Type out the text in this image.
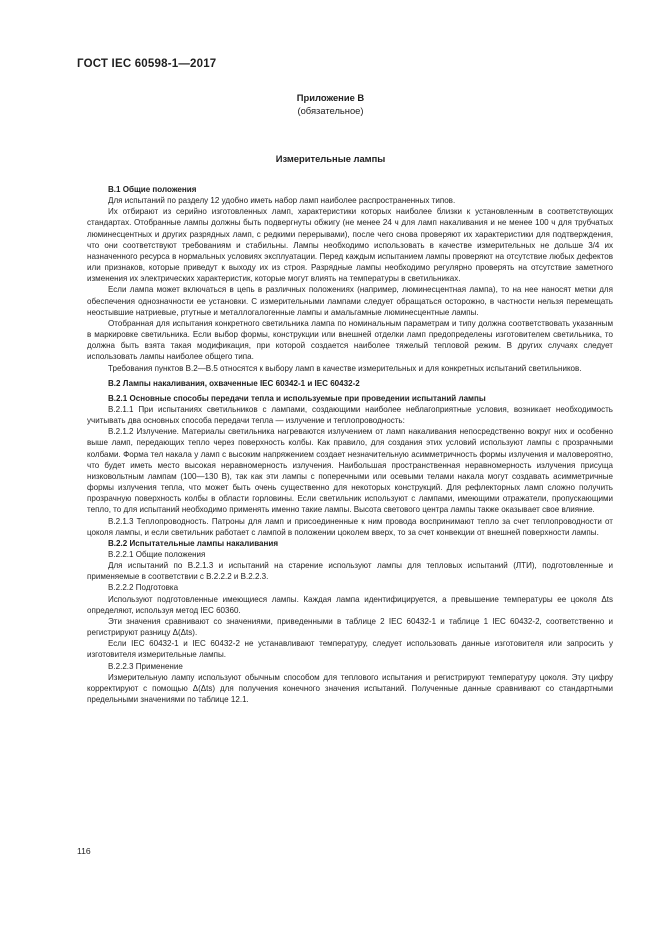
ГОСТ IEC 60598-1—2017
Приложение В
(обязательное)
Измерительные лампы

В.1 Общие положения

Для испытаний по разделу 12 удобно иметь набор ламп наиболее распространенных типов.

Их отбирают из серийно изготовленных ламп, характеристики которых наиболее близки к установленным в соответствующих стандартах. Отобранные лампы должны быть подвергнуты обжигу (не менее 24 ч для ламп накаливания и не менее 100 ч для трубчатых люминесцентных и других разрядных ламп, с редкими перерывами), после чего снова проверяют их характеристики для подтверждения, что они соответствуют требованиям и стабильны. Лампы необходимо использовать в качестве измерительных не дольше 3/4 их назначенного ресурса в нормальных условиях эксплуатации. Перед каждым испытанием лампы проверяют на отсутствие любых дефектов или признаков, которые приведут к выходу их из строя. Разрядные лампы необходимо регулярно проверять на отсутствие заметного изменения их электрических характеристик, которые могут влиять на температуры в светильниках.

Если лампа может включаться в цепь в различных положениях (например, люминесцентная лампа), то на нее наносят метки для обеспечения однозначности ее установки. С измерительными лампами следует обращаться осторожно, в частности нельзя перемещать неостывшие натриевые, ртутные и металлогалогенные лампы и амальгамные люминесцентные лампы.

Отобранная для испытания конкретного светильника лампа по номинальным параметрам и типу должна соответствовать указанным в маркировке светильника. Если выбор формы, конструкции или внешней отделки ламп предопределены изготовителем светильника, то должна быть взята такая модификация, при которой создается наиболее тяжелый тепловой режим. В других случаях следует использовать лампы наиболее общего типа.

Требования пунктов В.2—В.5 относятся к выбору ламп в качестве измерительных и для конкретных испытаний светильников.

В.2 Лампы накаливания, охваченные IEC 60342-1 и IEC 60432-2

В.2.1 Основные способы передачи тепла и используемые при проведении испытаний лампы

В.2.1.1 При испытаниях светильников с лампами, создающими наиболее неблагоприятные условия, возникает необходимость учитывать два основных способа передачи тепла — излучение и теплопроводность:

В.2.1.2 Излучение. Материалы светильника нагреваются излучением от ламп накаливания непосредственно вокруг них и особенно выше ламп, передающих тепло через поверхность колбы. Как правило, для создания этих условий используют лампы с прозрачными колбами. Форма тел накала у ламп с высоким напряжением создает незначительную асимметричность формы излучения и маловероятно, что будет иметь место высокая неравномерность излучения. Наибольшая пространственная неравномерность излучения присуща низковольтным лампам (100—130 В), так как эти лампы с поперечными или осевыми телами накала могут создавать асимметричные формы излучения тепла, что может быть очень существенно для некоторых конструкций. Для рефлекторных ламп сложно получить прозрачную поверхность колбы в области горловины. Если светильник используют с лампами, имеющими отражатели, пропускающими тепло, то для испытаний необходимо применять именно такие лампы. Высота светового центра лампы также оказывает свое влияние.

В.2.1.3 Теплопроводность. Патроны для ламп и присоединенные к ним провода воспринимают тепло за счет теплопроводности от цоколя лампы, и если светильник работает с лампой в положении цоколем вверх, то за счет конвекции от внешней поверхности лампы.

В.2.2 Испытательные лампы накаливания

В.2.2.1 Общие положения

Для испытаний по В.2.1.3 и испытаний на старение используют лампы для тепловых испытаний (ЛТИ), подготовленные и применяемые в соответствии с В.2.2.2 и В.2.2.3.

В.2.2.2 Подготовка

Используют подготовленные имеющиеся лампы. Каждая лампа идентифицируется, а превышение температуры ее цоколя Δts определяют, используя метод IEC 60360.

Эти значения сравнивают со значениями, приведенными в таблице 2 IEC 60432-1 и таблице 1 IEC 60432-2, соответственно и регистрируют разницу Δ(Δts).

Если IEC 60432-1 и IEC 60432-2 не устанавливают температуру, следует использовать данные изготовителя или запросить у изготовителя измерительные лампы.

В.2.2.3 Применение

Измерительную лампу используют обычным способом для теплового испытания и регистрируют температуру цоколя. Эту цифру корректируют с помощью Δ(Δts) для получения конечного значения испытаний. Полученные данные сравнивают со стандартными предельными значениями по таблице 12.1.

116
